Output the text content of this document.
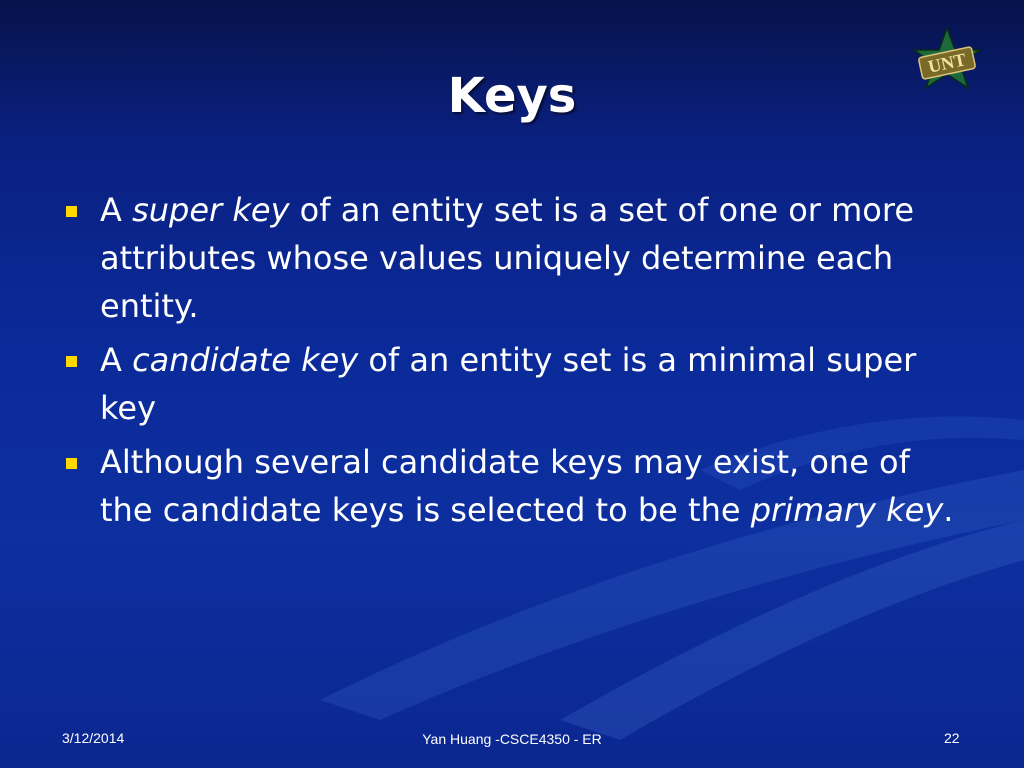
Keys
UNT
A super key of an entity set is a set of one or more attributes whose values uniquely determine each entity.
A candidate key of an entity set is a minimal super key
Although several candidate keys may exist, one of the candidate keys is selected to be the primary key.
3/12/2014	Yan Huang -CSCE4350 - ER	22
